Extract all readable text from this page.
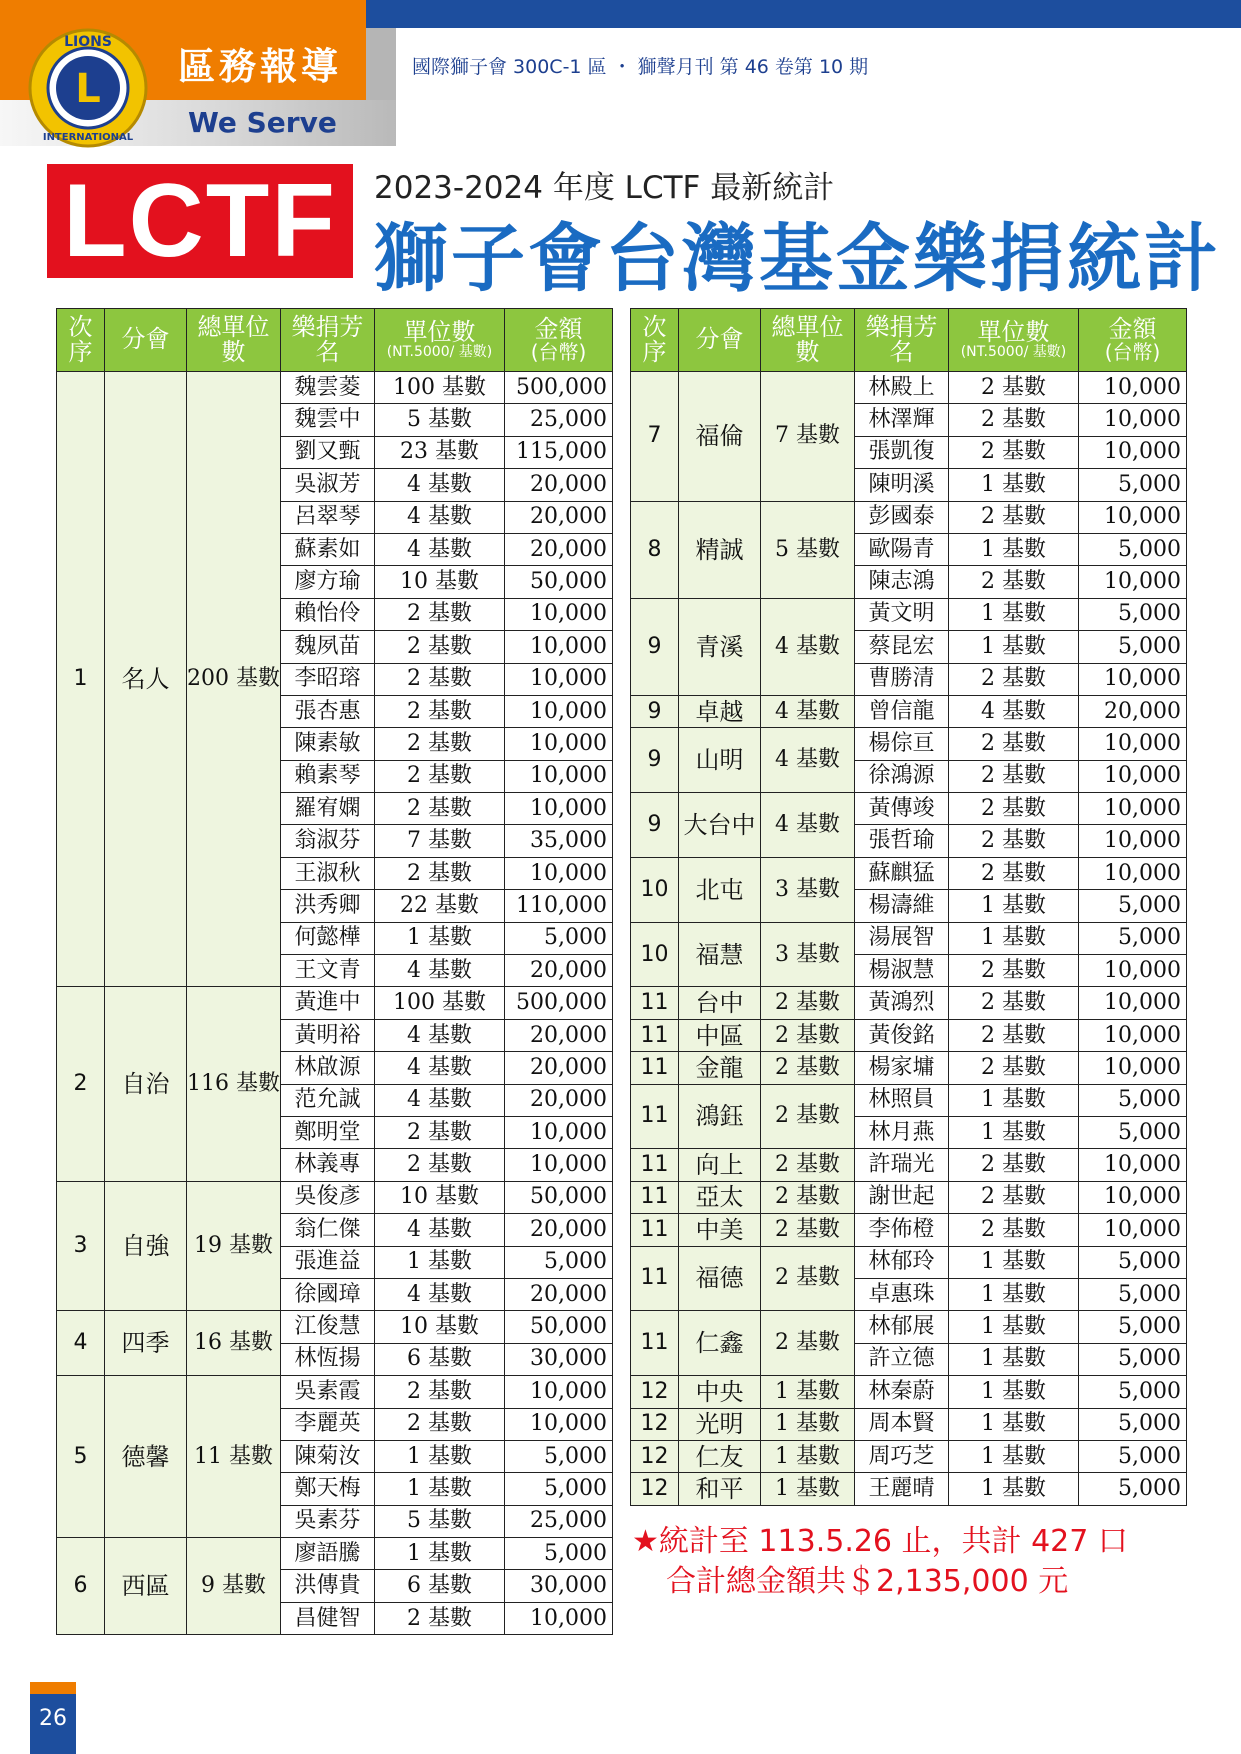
L
LIONS
INTERNATIONAL
區務報導
We Serve
國際獅子會 300C-1 區 ・ 獅聲月刊 第 46 卷第 10 期
LCTF	2023-2024 年度 LCTF 最新統計
獅子會台灣基金樂捐統計
次序	分會	總單位數	樂捐芳名	單位數
(NT.5000/ 基數)	金額
(台幣)

1	名人	200 基數	魏雲菱	100 基數	500,000
			魏雲中	5 基數	25,000
			劉又甄	23 基數	115,000
			吳淑芳	4 基數	20,000
			呂翠琴	4 基數	20,000
			蘇素如	4 基數	20,000
			廖方瑜	10 基數	50,000
			賴怡伶	2 基數	10,000
			魏夙苗	2 基數	10,000
			李昭瑢	2 基數	10,000
			張杏惠	2 基數	10,000
			陳素敏	2 基數	10,000
			賴素琴	2 基數	10,000
			羅宥嫻	2 基數	10,000
			翁淑芬	7 基數	35,000
			王淑秋	2 基數	10,000
			洪秀卿	22 基數	110,000
			何懿樺	1 基數	5,000
			王文青	4 基數	20,000
2	自治	116 基數	黃進中	100 基數	500,000
			黃明裕	4 基數	20,000
			林啟源	4 基數	20,000
			范允誠	4 基數	20,000
			鄭明堂	2 基數	10,000
			林義專	2 基數	10,000
3	自強	19 基數	吳俊彥	10 基數	50,000
			翁仁傑	4 基數	20,000
			張進益	1 基數	5,000
			徐國璋	4 基數	20,000
4	四季	16 基數	江俊慧	10 基數	50,000
			林恆揚	6 基數	30,000
5	德馨	11 基數	吳素霞	2 基數	10,000
			李麗英	2 基數	10,000
			陳菊汝	1 基數	5,000
			鄭天梅	1 基數	5,000
			吳素芬	5 基數	25,000
6	西區	9 基數	廖語騰	1 基數	5,000
			洪傳貴	6 基數	30,000
			昌健智	2 基數	10,000
次序	分會	總單位數	樂捐芳名	單位數
(NT.5000/ 基數)	金額
(台幣)

7	福倫	7 基數	林殿上	2 基數	10,000
			林澤輝	2 基數	10,000
			張凱復	2 基數	10,000
			陳明溪	1 基數	5,000
8	精誠	5 基數	彭國泰	2 基數	10,000
			歐陽青	1 基數	5,000
			陳志鴻	2 基數	10,000
9	青溪	4 基數	黃文明	1 基數	5,000
			蔡昆宏	1 基數	5,000
			曹勝清	2 基數	10,000
9	卓越	4 基數	曾信龍	4 基數	20,000
9	山明	4 基數	楊倧亘	2 基數	10,000
			徐鴻源	2 基數	10,000
9	大台中	4 基數	黃傳竣	2 基數	10,000
			張哲瑜	2 基數	10,000
10	北屯	3 基數	蘇麒猛	2 基數	10,000
			楊濤維	1 基數	5,000
10	福慧	3 基數	湯展智	1 基數	5,000
			楊淑慧	2 基數	10,000
11	台中	2 基數	黃鴻烈	2 基數	10,000
11	中區	2 基數	黃俊銘	2 基數	10,000
11	金龍	2 基數	楊家墉	2 基數	10,000
11	鴻鈺	2 基數	林照員	1 基數	5,000
			林月燕	1 基數	5,000
11	向上	2 基數	許瑞光	2 基數	10,000
11	亞太	2 基數	謝世起	2 基數	10,000
11	中美	2 基數	李佈橙	2 基數	10,000
11	福德	2 基數	林郁玲	1 基數	5,000
			卓惠珠	1 基數	5,000
11	仁鑫	2 基數	林郁展	1 基數	5,000
			許立德	1 基數	5,000
12	中央	1 基數	林秦蔚	1 基數	5,000
12	光明	1 基數	周本賢	1 基數	5,000
12	仁友	1 基數	周巧芝	1 基數	5,000
12	和平	1 基數	王麗晴	1 基數	5,000
★統計至 113.5.26 止，共計 427 口
合計總金額共＄2,135,000 元
26
